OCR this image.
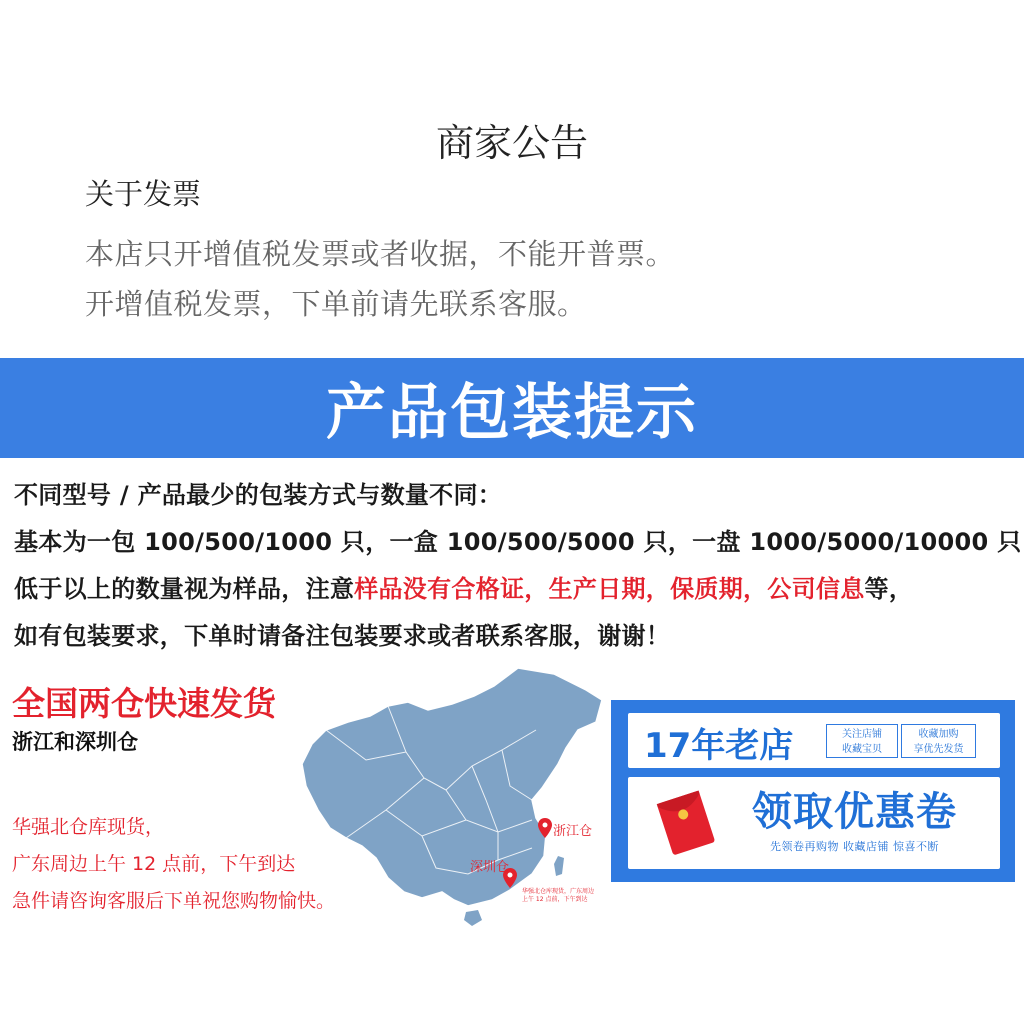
商家公告
关于发票
本店只开增值税发票或者收据，不能开普票。
开增值税发票，下单前请先联系客服。
产品包装提示
不同型号 / 产品最少的包装方式与数量不同：
基本为一包 100/500/1000 只，一盒 100/500/5000 只，一盘 1000/5000/10000 只
低于以上的数量视为样品，注意样品没有合格证，生产日期，保质期，公司信息等，
如有包装要求，下单时请备注包装要求或者联系客服，谢谢！
全国两仓快速发货
浙江和深圳仓
华强北仓库现货，
广东周边上午 12 点前，下午到达
急件请咨询客服后下单祝您购物愉快。
浙江仓
深圳仓
华强北仓库现货，广东周边
上午 12 点前，下午到达
17年老店	关注店铺
收藏宝贝
收藏加购
享优先发货
领取优惠卷
先领卷再购物 收藏店铺 惊喜不断
